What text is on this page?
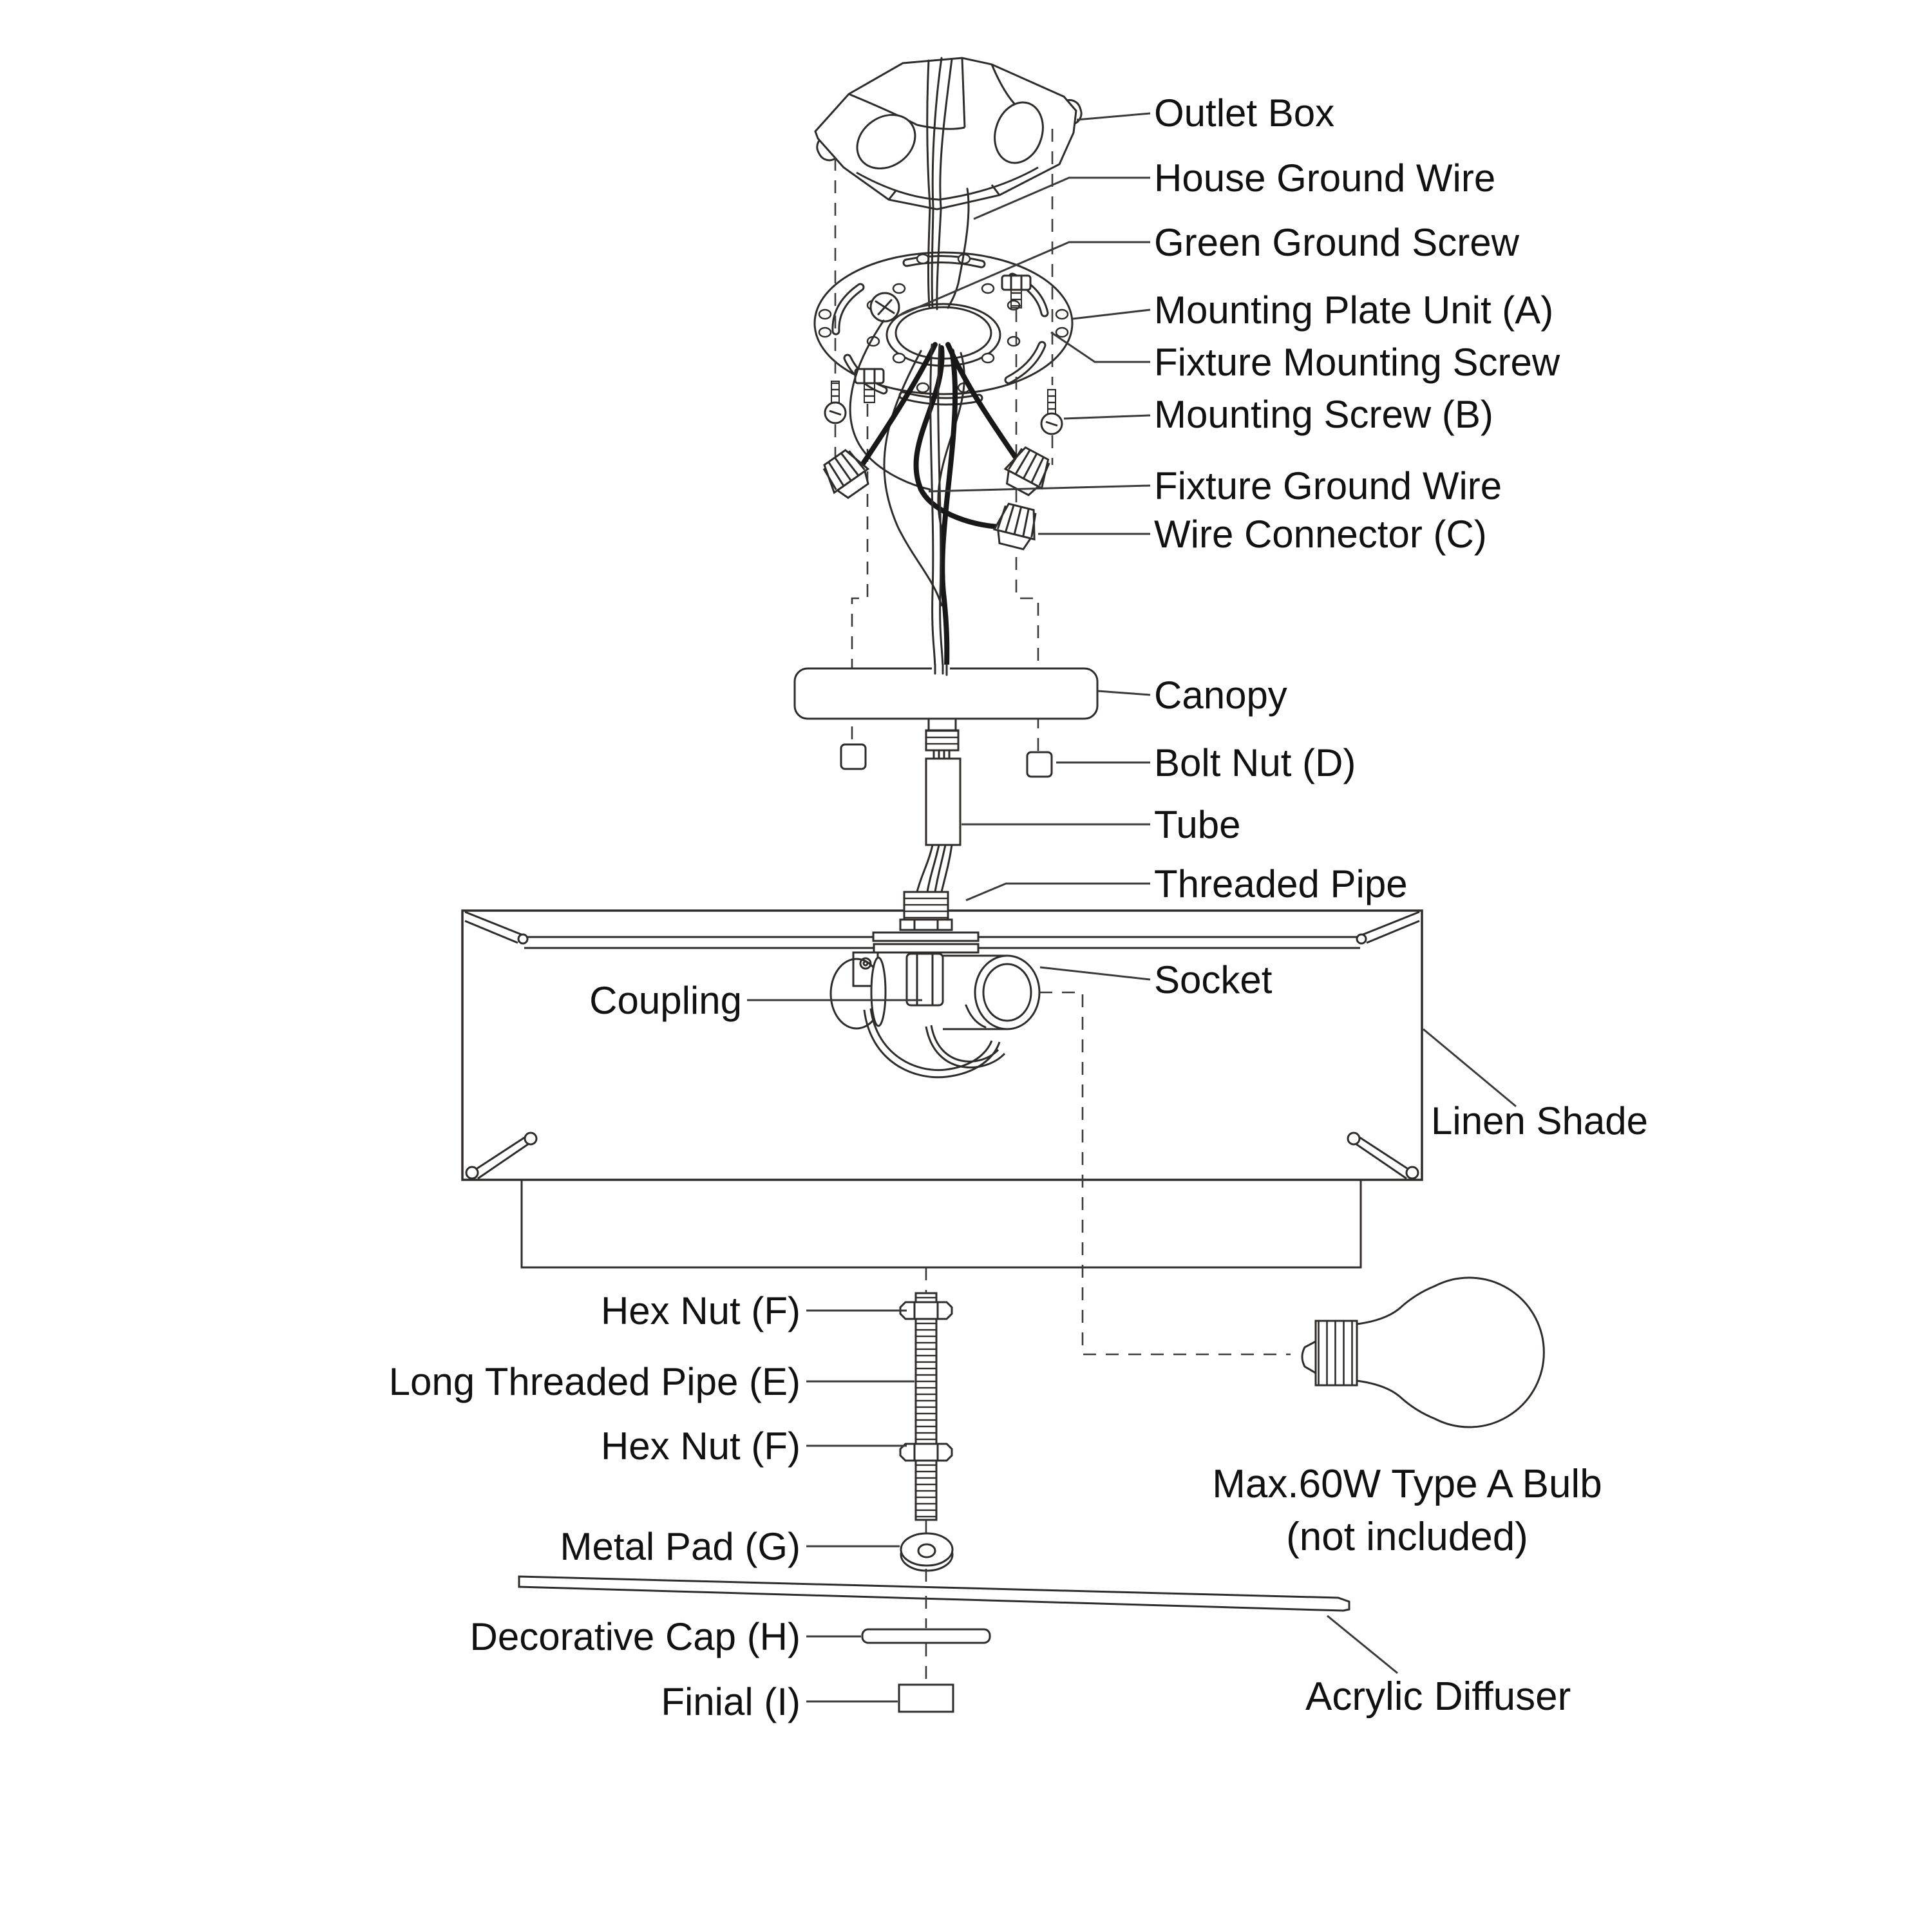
Outlet Box
House Ground Wire
Green Ground Screw
Mounting Plate Unit (A)
Fixture Mounting Screw
Mounting Screw (B)
Fixture Ground Wire
Wire Connector (C)
Canopy
Bolt Nut (D)
Tube
Threaded Pipe
Socket
Coupling
Linen Shade
Hex Nut (F)
Long Threaded Pipe (E)
Hex Nut (F)
Metal Pad (G)
Decorative Cap (H)
Finial (I)
Max.60W Type A Bulb
(not included)
Acrylic Diffuser
